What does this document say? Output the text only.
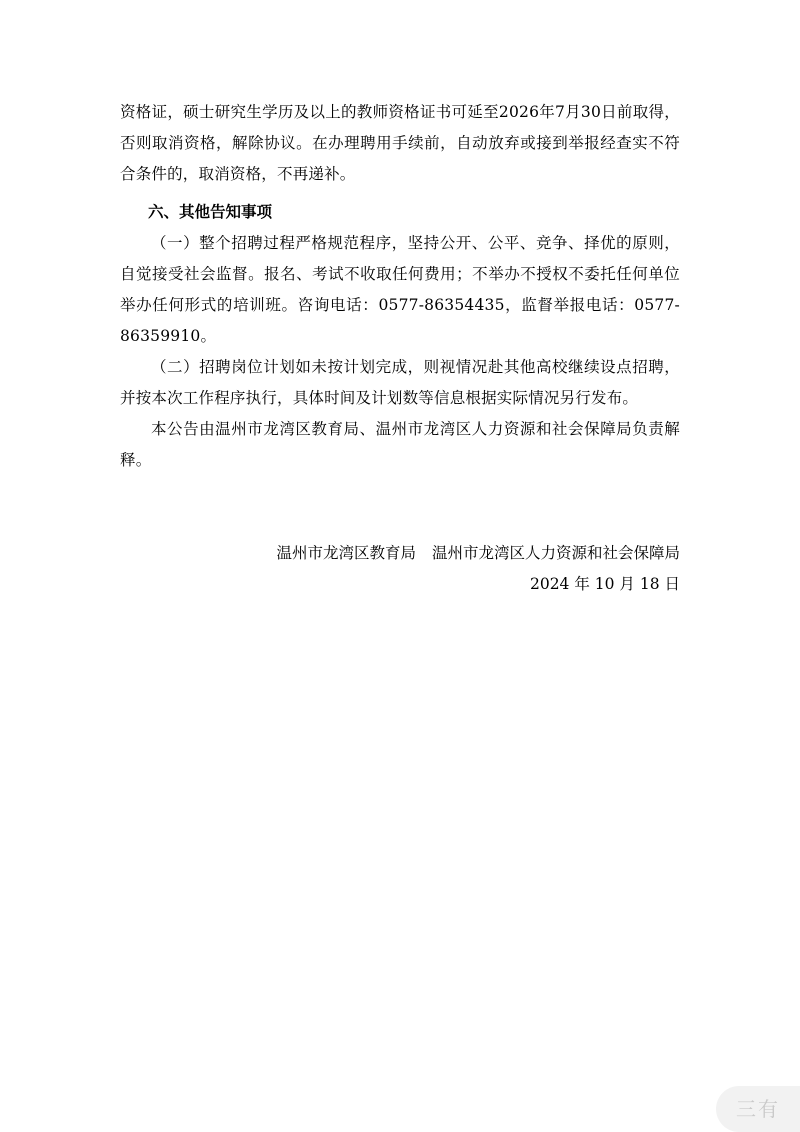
资格证，硕士研究生学历及以上的教师资格证书可延至2026年7月30日前取得，否则取消资格，解除协议。在办理聘用手续前，自动放弃或接到举报经查实不符合条件的，取消资格，不再递补。

六、其他告知事项

（一）整个招聘过程严格规范程序，坚持公开、公平、竞争、择优的原则，自觉接受社会监督。报名、考试不收取任何费用；不举办不授权不委托任何单位举办任何形式的培训班。咨询电话：0577-86354435，监督举报电话：0577-86359910。

（二）招聘岗位计划如未按计划完成，则视情况赴其他高校继续设点招聘，并按本次工作程序执行，具体时间及计划数等信息根据实际情况另行发布。

本公告由温州市龙湾区教育局、温州市龙湾区人力资源和社会保障局负责解释。

温州市龙湾区教育局 温州市龙湾区人力资源和社会保障局

2024 年 10 月 18 日

三有
